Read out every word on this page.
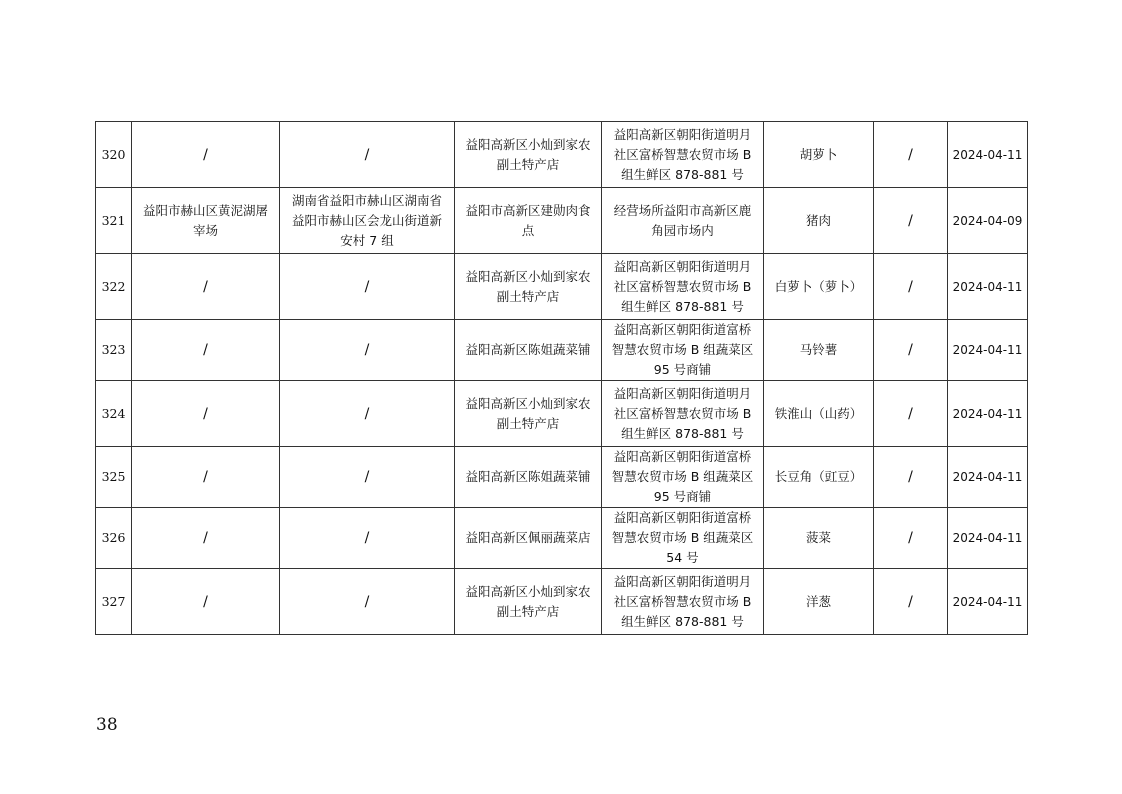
320	/	/	益阳高新区小灿到家农副土特产店	益阳高新区朝阳街道明月社区富桥智慧农贸市场 B 组生鲜区 878-881 号	胡萝卜	/	2024-04-11
321	益阳市赫山区黄泥湖屠宰场	湖南省益阳市赫山区湖南省益阳市赫山区会龙山街道新安村 7 组	益阳市高新区建勋肉食点	经营场所益阳市高新区鹿角园市场内	猪肉	/	2024-04-09
322	/	/	益阳高新区小灿到家农副土特产店	益阳高新区朝阳街道明月社区富桥智慧农贸市场 B 组生鲜区 878-881 号	白萝卜（萝卜）	/	2024-04-11
323	/	/	益阳高新区陈姐蔬菜铺	益阳高新区朝阳街道富桥智慧农贸市场 B 组蔬菜区 95 号商铺	马铃薯	/	2024-04-11
324	/	/	益阳高新区小灿到家农副土特产店	益阳高新区朝阳街道明月社区富桥智慧农贸市场 B 组生鲜区 878-881 号	铁淮山（山药）	/	2024-04-11
325	/	/	益阳高新区陈姐蔬菜铺	益阳高新区朝阳街道富桥智慧农贸市场 B 组蔬菜区 95 号商铺	长豆角（豇豆）	/	2024-04-11
326	/	/	益阳高新区佩丽蔬菜店	益阳高新区朝阳街道富桥智慧农贸市场 B 组蔬菜区 54 号	菠菜	/	2024-04-11
327	/	/	益阳高新区小灿到家农副土特产店	益阳高新区朝阳街道明月社区富桥智慧农贸市场 B 组生鲜区 878-881 号	洋葱	/	2024-04-11
38
